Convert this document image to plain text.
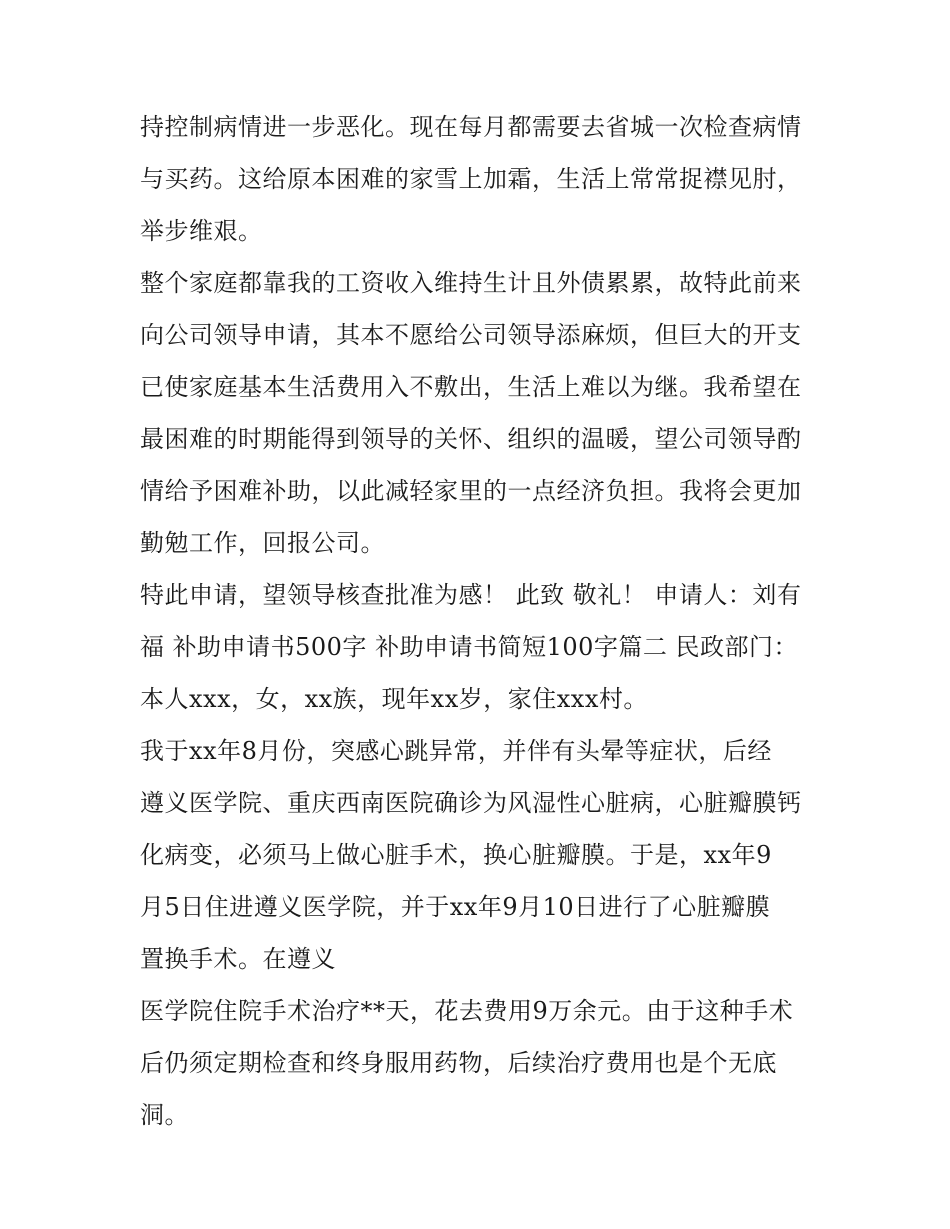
持控制病情进一步恶化。现在每月都需要去省城一次检查病情
与买药。这给原本困难的家雪上加霜，生活上常常捉襟见肘，
举步维艰。
整个家庭都靠我的工资收入维持生计且外债累累，故特此前来
向公司领导申请，其本不愿给公司领导添麻烦，但巨大的开支
已使家庭基本生活费用入不敷出，生活上难以为继。我希望在
最困难的时期能得到领导的关怀、组织的温暖，望公司领导酌
情给予困难补助，以此减轻家里的一点经济负担。我将会更加
勤勉工作，回报公司。
特此申请，望领导核查批准为感！ 此致 敬礼！ 申请人：刘有
福 补助申请书500字 补助申请书简短100字篇二 民政部门：
本人xxx，女，xx族，现年xx岁，家住xxx村。
我于xx年8月份，突感心跳异常，并伴有头晕等症状，后经
遵义医学院、重庆西南医院确诊为风湿性心脏病，心脏瓣膜钙
化病变，必须马上做心脏手术，换心脏瓣膜。于是，xx年9
月5日住进遵义医学院，并于xx年9月10日进行了心脏瓣膜
置换手术。在遵义
医学院住院手术治疗**天，花去费用9万余元。由于这种手术
后仍须定期检查和终身服用药物，后续治疗费用也是个无底
洞。
